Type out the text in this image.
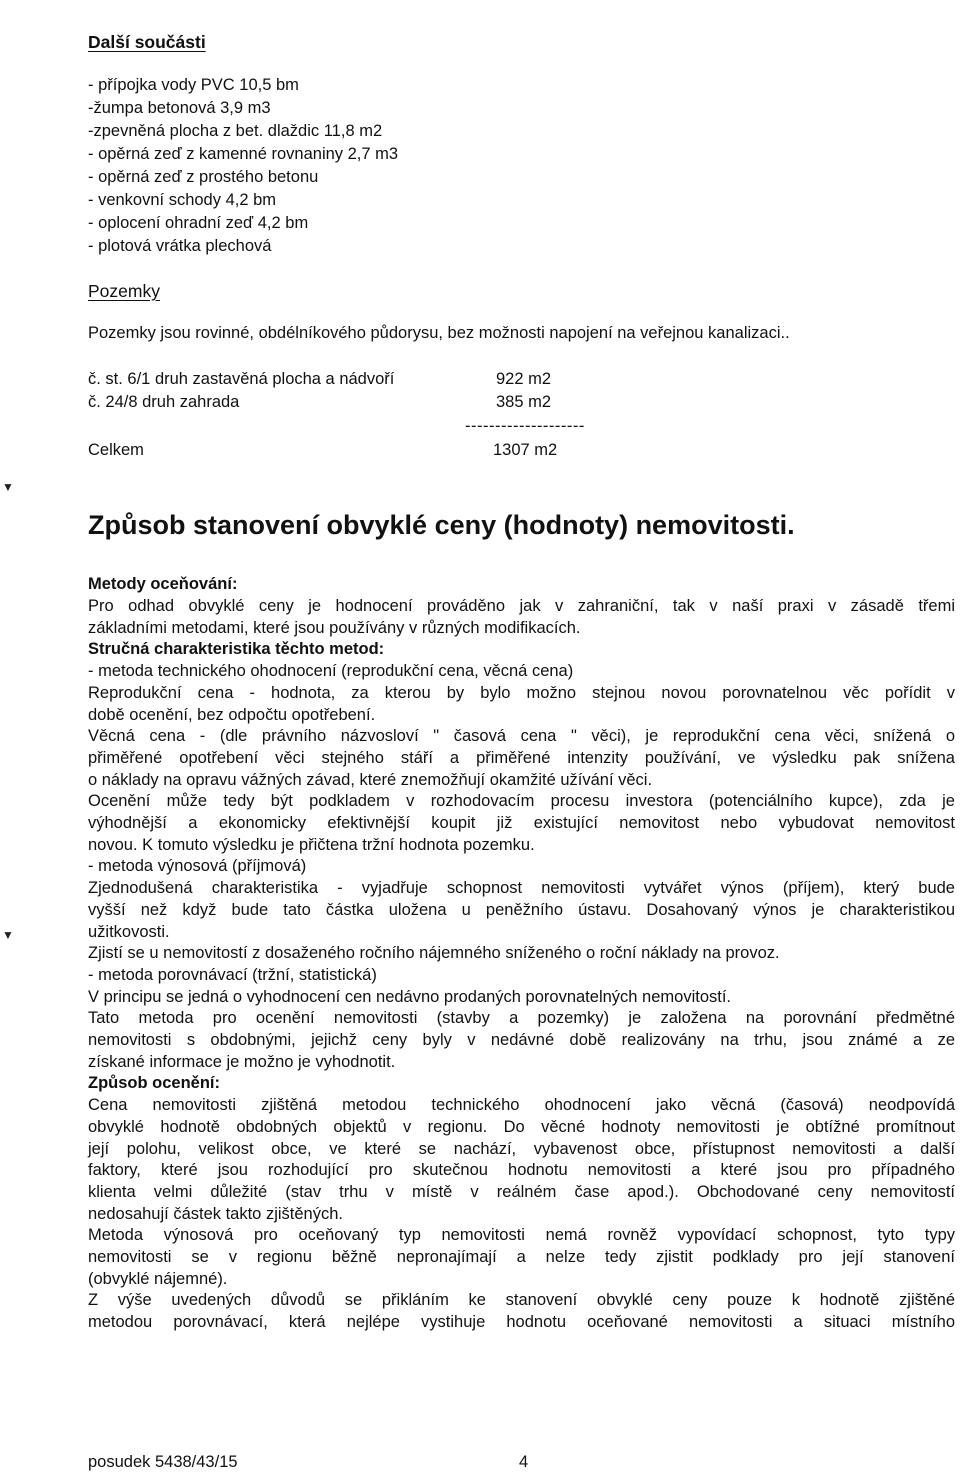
Další součásti
- přípojka vody PVC 10,5 bm
-žumpa betonová 3,9 m3
-zpevněná plocha z bet. dlaždic 11,8 m2
- opěrná zeď z kamenné rovnaniny 2,7 m3
- opěrná zeď z prostého betonu
- venkovní schody 4,2 bm
- oplocení ohradní zeď 4,2 bm
- plotová vrátka plechová
Pozemky
Pozemky jsou rovinné, obdélníkového půdorysu, bez možnosti napojení na veřejnou kanalizaci..
č. st. 6/1 druh zastavěná plocha a nádvoří	922 m2
č. 24/8 druh zahrada	385 m2
--------------------
Celkem	1307 m2
▼
Způsob stanovení obvyklé ceny (hodnoty) nemovitosti.
Metody oceňování:
Pro odhad obvyklé ceny je hodnocení prováděno jak v zahraniční, tak v naší praxi v zásadě třemi
základními metodami, které jsou používány v různých modifikacích.
Stručná charakteristika těchto metod:
- metoda technického ohodnocení (reprodukční cena, věcná cena)
Reprodukční cena - hodnota, za kterou by bylo možno stejnou novou porovnatelnou věc pořídit v
době ocenění, bez odpočtu opotřebení.
Věcná cena - (dle právního názvosloví " časová cena " věci), je reprodukční cena věci, snížená o
přiměřené opotřebení věci stejného stáří a přiměřené intenzity používání, ve výsledku pak snížena
o náklady na opravu vážných závad, které znemožňují okamžité užívání věci.
Ocenění může tedy být podkladem v rozhodovacím procesu investora (potenciálního kupce), zda je
výhodnější a ekonomicky efektivnější koupit již existující nemovitost nebo vybudovat nemovitost
novou. K tomuto výsledku je přičtena tržní hodnota pozemku.
- metoda výnosová (příjmová)
Zjednodušená charakteristika - vyjadřuje schopnost nemovitosti vytvářet výnos (příjem), který bude
vyšší než když bude tato částka uložena u peněžního ústavu. Dosahovaný výnos je charakteristikou
užitkovosti.
Zjistí se u nemovitostí z dosaženého ročního nájemného sníženého o roční náklady na provoz.
- metoda porovnávací (tržní, statistická)
V principu se jedná o vyhodnocení cen nedávno prodaných porovnatelných nemovitostí.
Tato metoda pro ocenění nemovitosti (stavby a pozemky) je založena na porovnání předmětné
nemovitosti s obdobnými, jejichž ceny byly v nedávné době realizovány na trhu, jsou známé a ze
získané informace je možno je vyhodnotit.
Způsob ocenění:
Cena nemovitosti zjištěná metodou technického ohodnocení jako věcná (časová) neodpovídá
obvyklé hodnotě obdobných objektů v regionu. Do věcné hodnoty nemovitosti je obtížné promítnout
její polohu, velikost obce, ve které se nachází, vybavenost obce, přístupnost nemovitosti a další
faktory, které jsou rozhodující pro skutečnou hodnotu nemovitosti a které jsou pro případného
klienta velmi důležité (stav trhu v místě v reálném čase apod.). Obchodované ceny nemovitostí
nedosahují částek takto zjištěných.
Metoda výnosová pro oceňovaný typ nemovitosti nemá rovněž vypovídací schopnost, tyto typy
nemovitosti se v regionu běžně nepronajímají a nelze tedy zjistit podklady pro její stanovení
(obvyklé nájemné).
Z výše uvedených důvodů se přikláním ke stanovení obvyklé ceny pouze k hodnotě zjištěné
metodou porovnávací, která nejlépe vystihuje hodnotu oceňované nemovitosti a situaci místního
▼
posudek 5438/43/15	4
